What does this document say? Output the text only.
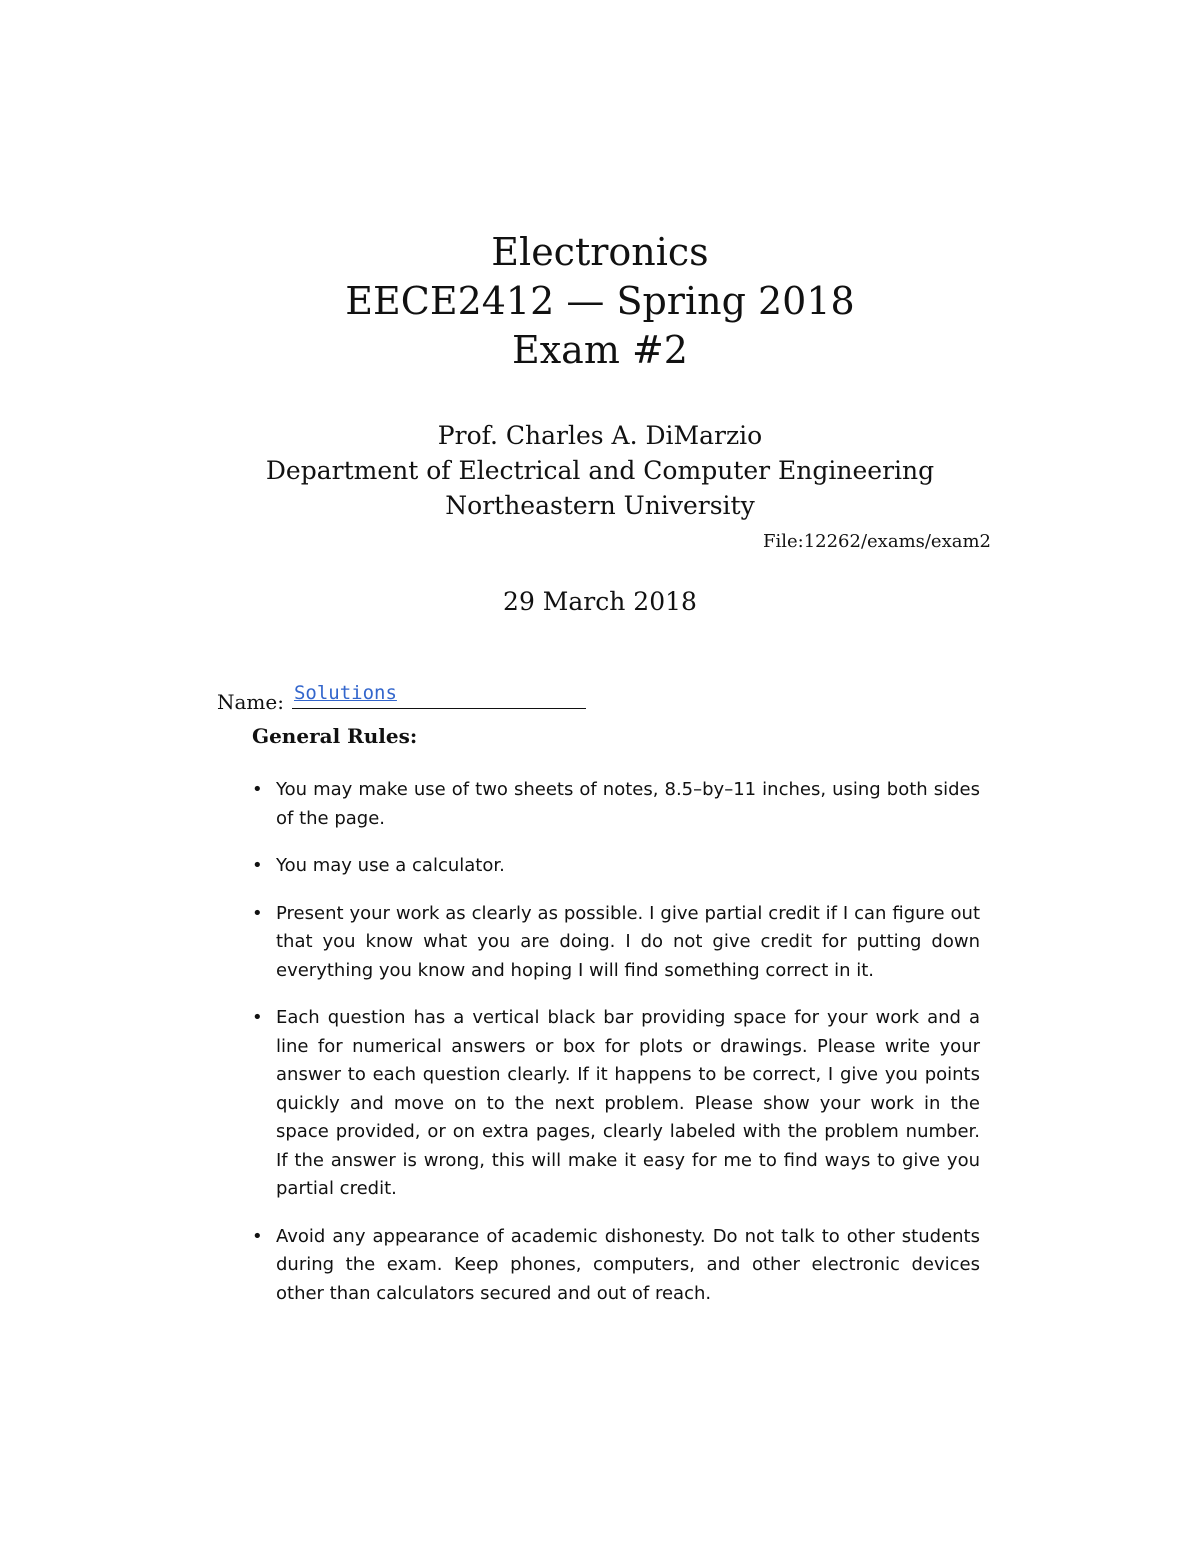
Electronics
EECE2412 — Spring 2018
Exam #2
Prof. Charles A. DiMarzio
Department of Electrical and Computer Engineering
Northeastern University
File:12262/exams/exam2
29 March 2018
Name: Solutions
General Rules:
• You may make use of two sheets of notes, 8.5–by–11 inches, using both sides of the page.
• You may use a calculator.
• Present your work as clearly as possible. I give partial credit if I can figure out that you know what you are doing. I do not give credit for putting down everything you know and hoping I will find something correct in it.
• Each question has a vertical black bar providing space for your work and a line for numerical answers or box for plots or drawings. Please write your answer to each question clearly. If it happens to be correct, I give you points quickly and move on to the next problem. Please show your work in the space provided, or on extra pages, clearly labeled with the problem number. If the answer is wrong, this will make it easy for me to find ways to give you partial credit.
• Avoid any appearance of academic dishonesty. Do not talk to other students during the exam. Keep phones, computers, and other electronic devices other than calculators secured and out of reach.
